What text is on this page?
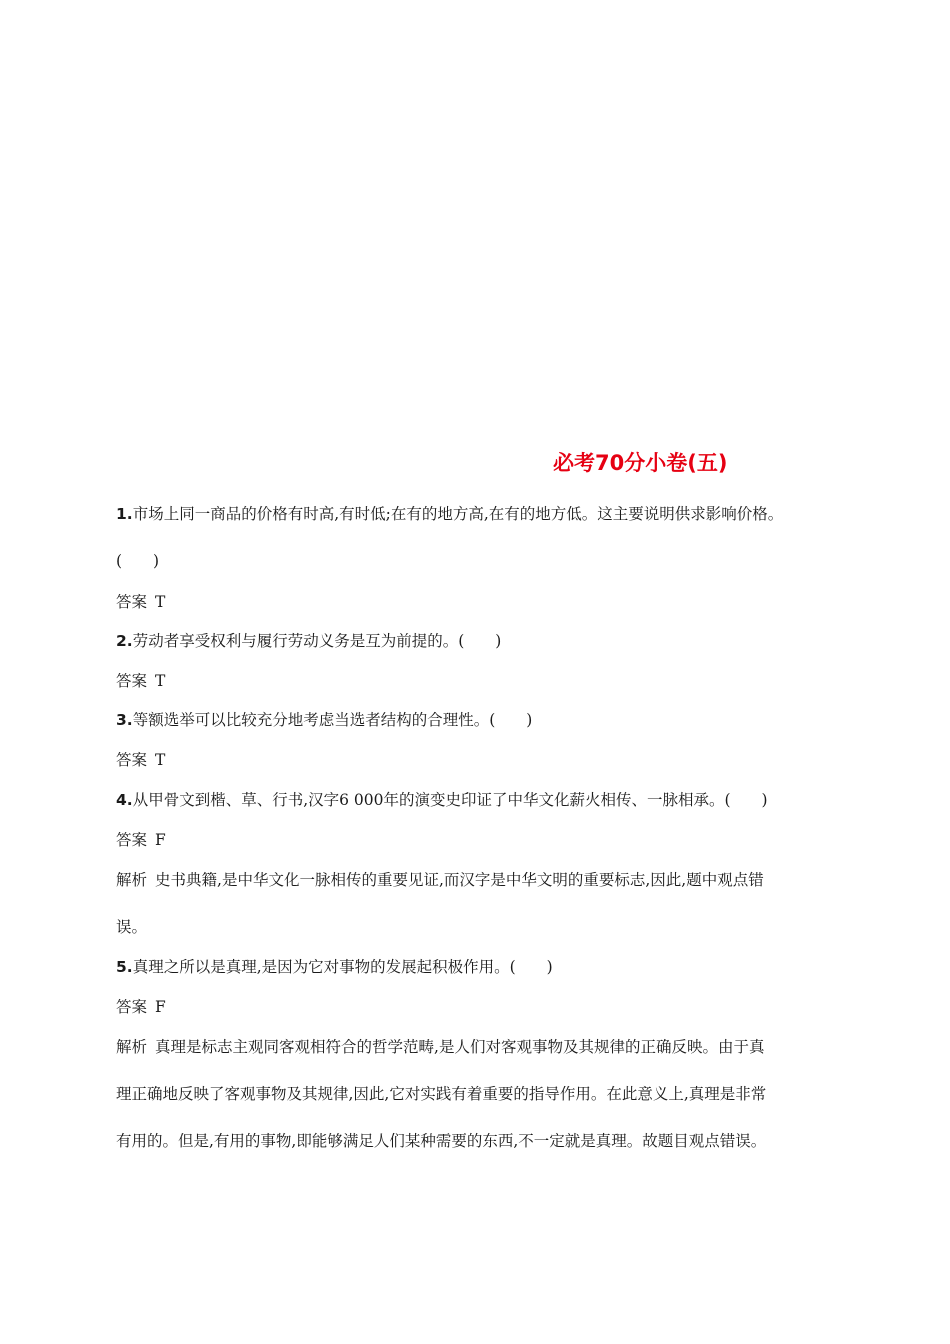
必考70分小卷(五)
1.市场上同一商品的价格有时高,有时低;在有的地方高,在有的地方低。这主要说明供求影响价格。
(　　)
答案 T
2.劳动者享受权利与履行劳动义务是互为前提的。(　　)
答案 T
3.等额选举可以比较充分地考虑当选者结构的合理性。(　　)
答案 T
4.从甲骨文到楷、草、行书,汉字6 000年的演变史印证了中华文化薪火相传、一脉相承。(　　)
答案 F
解析 史书典籍,是中华文化一脉相传的重要见证,而汉字是中华文明的重要标志,因此,题中观点错
误。
5.真理之所以是真理,是因为它对事物的发展起积极作用。(　　)
答案 F
解析 真理是标志主观同客观相符合的哲学范畴,是人们对客观事物及其规律的正确反映。由于真
理正确地反映了客观事物及其规律,因此,它对实践有着重要的指导作用。在此意义上,真理是非常
有用的。但是,有用的事物,即能够满足人们某种需要的东西,不一定就是真理。故题目观点错误。
